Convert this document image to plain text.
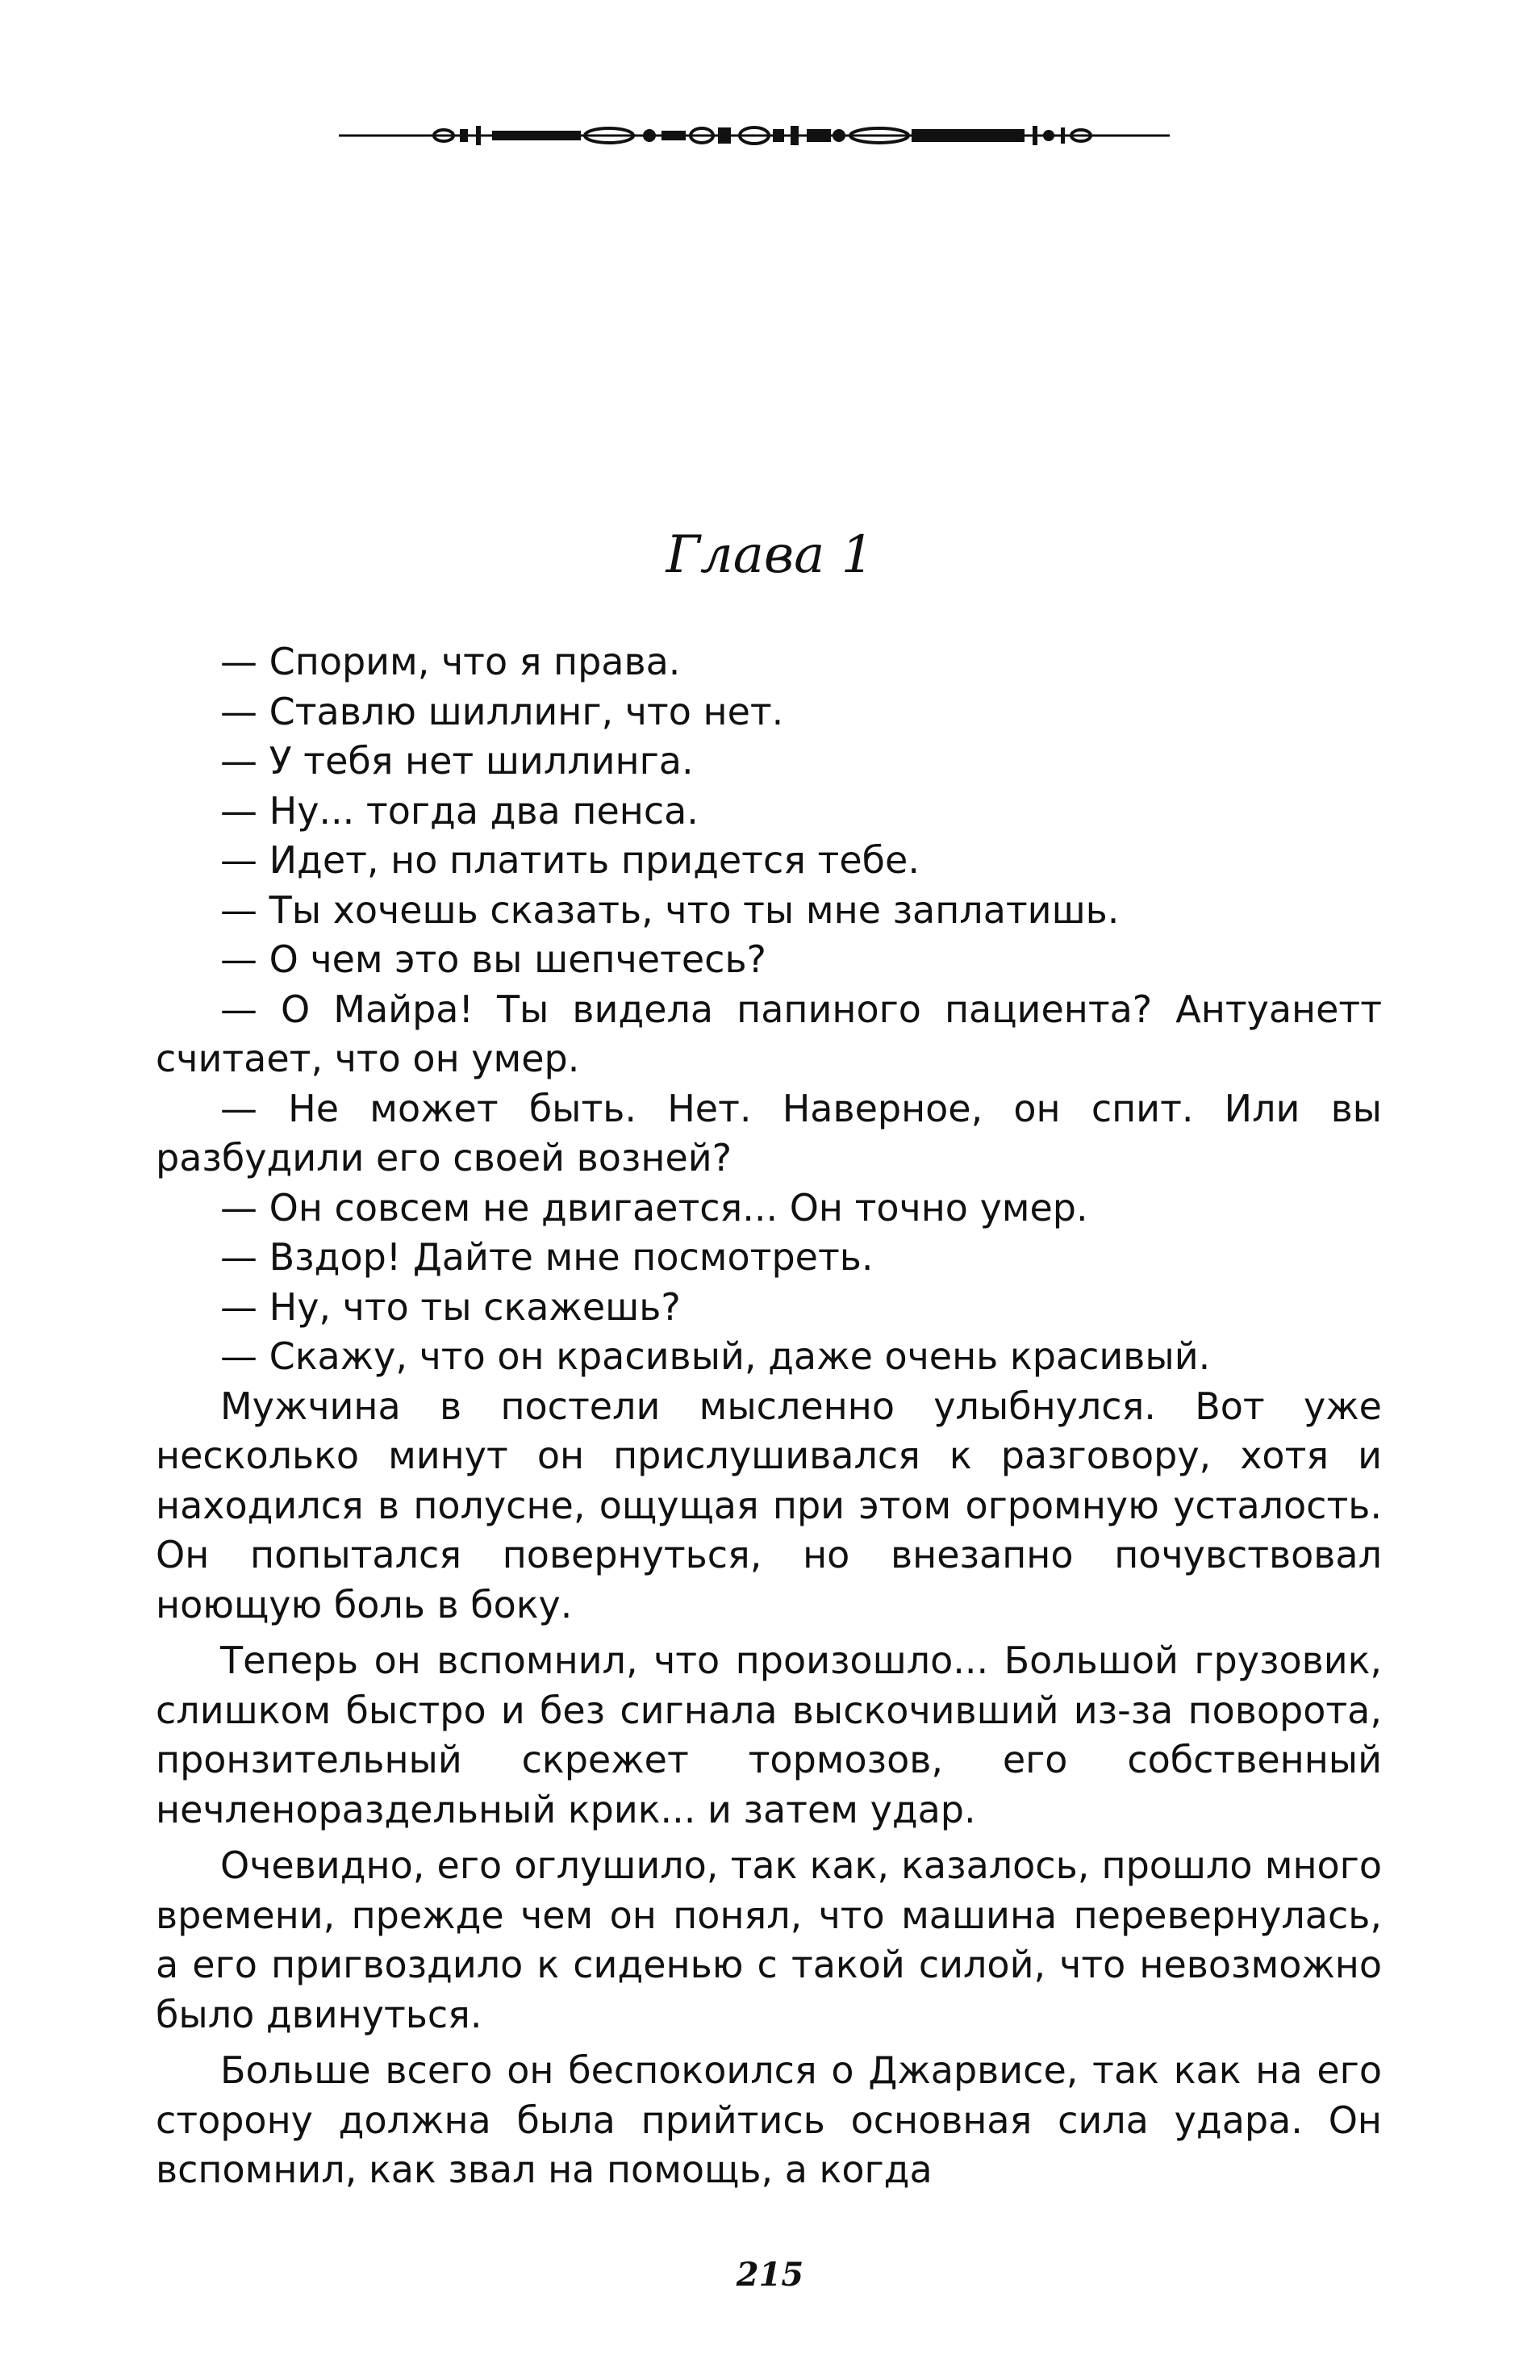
Глава 1

— Спорим, что я права.

— Ставлю шиллинг, что нет.

— У тебя нет шиллинга.

— Ну... тогда два пенса.

— Идет, но платить придется тебе.

— Ты хочешь сказать, что ты мне заплатишь.

— О чем это вы шепчетесь?

— О Майра! Ты видела папиного пациента? Антуанетт считает, что он умер.

— Не может быть. Нет. Наверное, он спит. Или вы разбудили его своей возней?

— Он совсем не двигается... Он точно умер.

— Вздор! Дайте мне посмотреть.

— Ну, что ты скажешь?

— Скажу, что он красивый, даже очень красивый.

Мужчина в постели мысленно улыбнулся. Вот уже несколько минут он прислушивался к разговору, хотя и находился в полусне, ощущая при этом огромную усталость. Он попытался повернуться, но внезапно почувствовал ноющую боль в боку.

Теперь он вспомнил, что произошло... Большой грузовик, слишком быстро и без сигнала выскочивший из-за поворота, пронзительный скрежет тормозов, его собственный нечленораздельный крик... и затем удар.

Очевидно, его оглушило, так как, казалось, прошло много времени, прежде чем он понял, что машина перевернулась, а его пригвоздило к сиденью с такой силой, что невозможно было двинуться.

Больше всего он беспокоился о Джарвисе, так как на его сторону должна была прийтись основная сила удара. Он вспомнил, как звал на помощь, а когда

215
